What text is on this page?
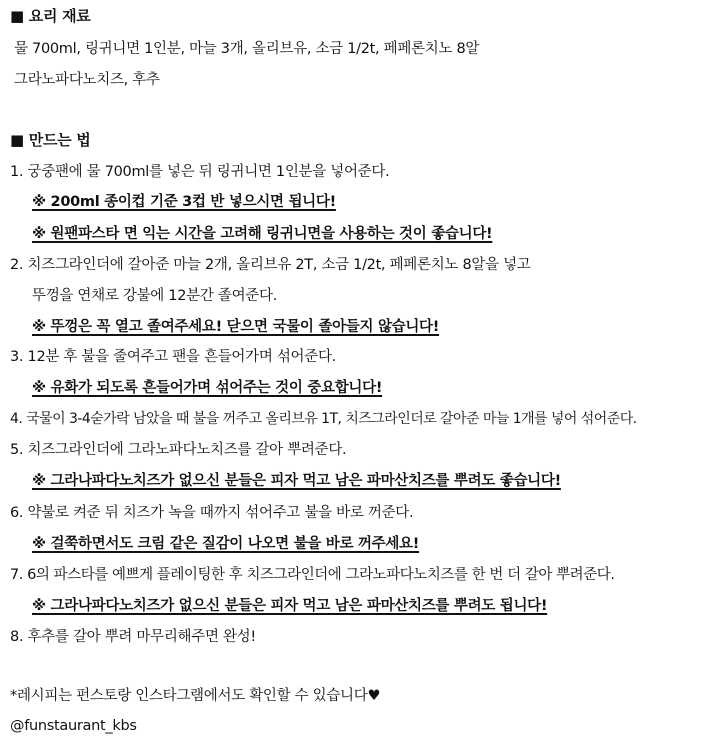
■ 요리 재료
물 700ml, 링귀니면 1인분, 마늘 3개, 올리브유, 소금 1/2t, 페페론치노 8알
그라노파다노치즈, 후추
■ 만드는 법
1. 궁중팬에 물 700ml를 넣은 뒤 링귀니면 1인분을 넣어준다.
※ 200ml 종이컵 기준 3컵 반 넣으시면 됩니다!
※ 원팬파스타 면 익는 시간을 고려해 링귀니면을 사용하는 것이 좋습니다!
2. 치즈그라인더에 갈아준 마늘 2개, 올리브유 2T, 소금 1/2t, 페페론치노 8알을 넣고
뚜껑을 연채로 강불에 12분간 졸여준다.
※ 뚜껑은 꼭 열고 졸여주세요! 닫으면 국물이 졸아들지 않습니다!
3. 12분 후 불을 줄여주고 팬을 흔들어가며 섞어준다.
※ 유화가 되도록 흔들어가며 섞어주는 것이 중요합니다!
4. 국물이 3-4숟가락 남았을 때 불을 꺼주고 올리브유 1T, 치즈그라인더로 갈아준 마늘 1개를 넣어 섞어준다.
5. 치즈그라인더에 그라노파다노치즈를 갈아 뿌려준다.
※ 그라나파다노치즈가 없으신 분들은 피자 먹고 남은 파마산치즈를 뿌려도 좋습니다!
6. 약불로 켜준 뒤 치즈가 녹을 때까지 섞어주고 불을 바로 꺼준다.
※ 걸쭉하면서도 크림 같은 질감이 나오면 불을 바로 꺼주세요!
7. 6의 파스타를 예쁘게 플레이팅한 후 치즈그라인더에 그라노파다노치즈를 한 번 더 갈아 뿌려준다.
※ 그라나파다노치즈가 없으신 분들은 피자 먹고 남은 파마산치즈를 뿌려도 됩니다!
8. 후추를 갈아 뿌려 마무리해주면 완성!
*레시피는 펀스토랑 인스타그램에서도 확인할 수 있습니다♥
@funstaurant_kbs
